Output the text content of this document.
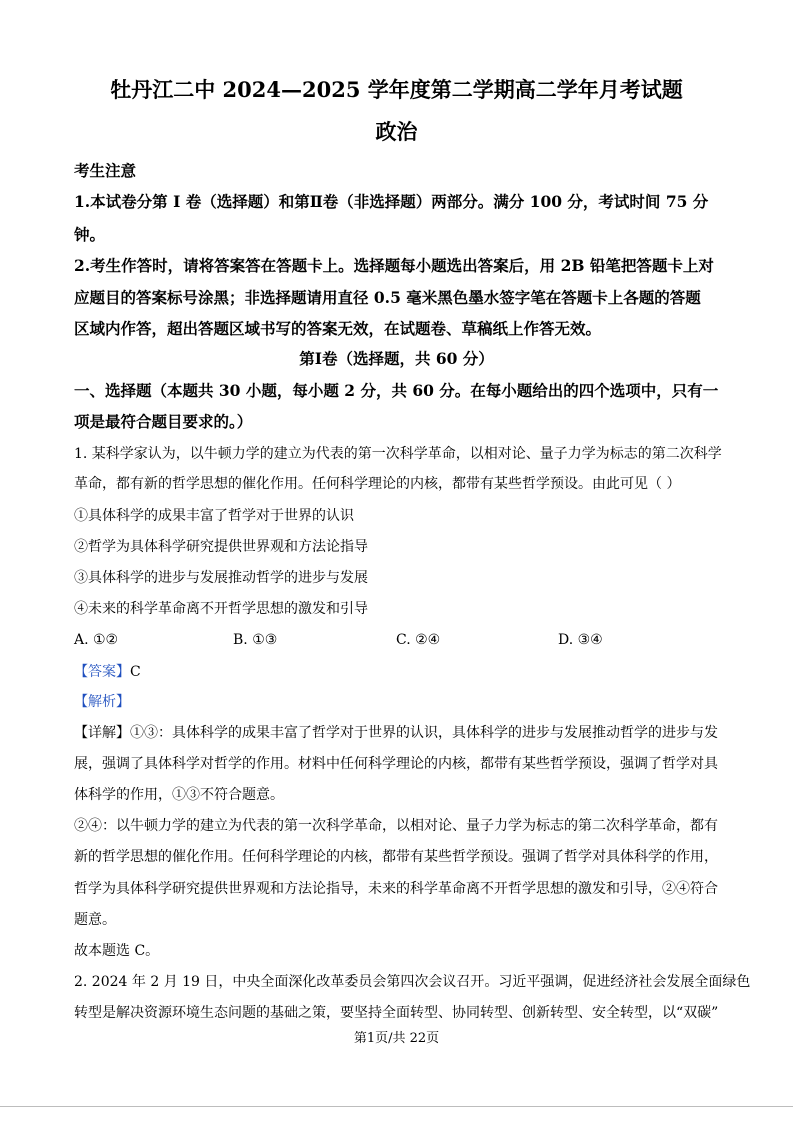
牡丹江二中 2024—2025 学年度第二学期高二学年月考试题
政治
考生注意
1.本试卷分第 I 卷（选择题）和第Ⅱ卷（非选择题）两部分。满分 100 分，考试时间 75 分
钟。
2.考生作答时，请将答案答在答题卡上。选择题每小题选出答案后，用 2B 铅笔把答题卡上对
应题目的答案标号涂黑；非选择题请用直径 0.5 毫米黑色墨水签字笔在答题卡上各题的答题
区域内作答，超出答题区域书写的答案无效，在试题卷、草稿纸上作答无效。
第Ⅰ卷（选择题，共 60 分）
一、选择题（本题共 30 小题，每小题 2 分，共 60 分。在每小题给出的四个选项中，只有一
项是最符合题目要求的。）
1. 某科学家认为，以牛顿力学的建立为代表的第一次科学革命，以相对论、量子力学为标志的第二次科学
革命，都有新的哲学思想的催化作用。任何科学理论的内核，都带有某些哲学预设。由此可见（ ）
①具体科学的成果丰富了哲学对于世界的认识
②哲学为具体科学研究提供世界观和方法论指导
③具体科学的进步与发展推动哲学的进步与发展
④未来的科学革命离不开哲学思想的激发和引导
A. ①②	B. ①③	C. ②④	D. ③④
【答案】C
【解析】
【详解】①③：具体科学的成果丰富了哲学对于世界的认识，具体科学的进步与发展推动哲学的进步与发
展，强调了具体科学对哲学的作用。材料中任何科学理论的内核，都带有某些哲学预设，强调了哲学对具
体科学的作用，①③不符合题意。
②④：以牛顿力学的建立为代表的第一次科学革命，以相对论、量子力学为标志的第二次科学革命，都有
新的哲学思想的催化作用。任何科学理论的内核，都带有某些哲学预设。强调了哲学对具体科学的作用，
哲学为具体科学研究提供世界观和方法论指导，未来的科学革命离不开哲学思想的激发和引导，②④符合
题意。
故本题选 C。
2. 2024 年 2 月 19 日，中央全面深化改革委员会第四次会议召开。习近平强调，促进经济社会发展全面绿色
转型是解决资源环境生态问题的基础之策，要坚持全面转型、协同转型、创新转型、安全转型，以“双碳”
第1页/共 22页
